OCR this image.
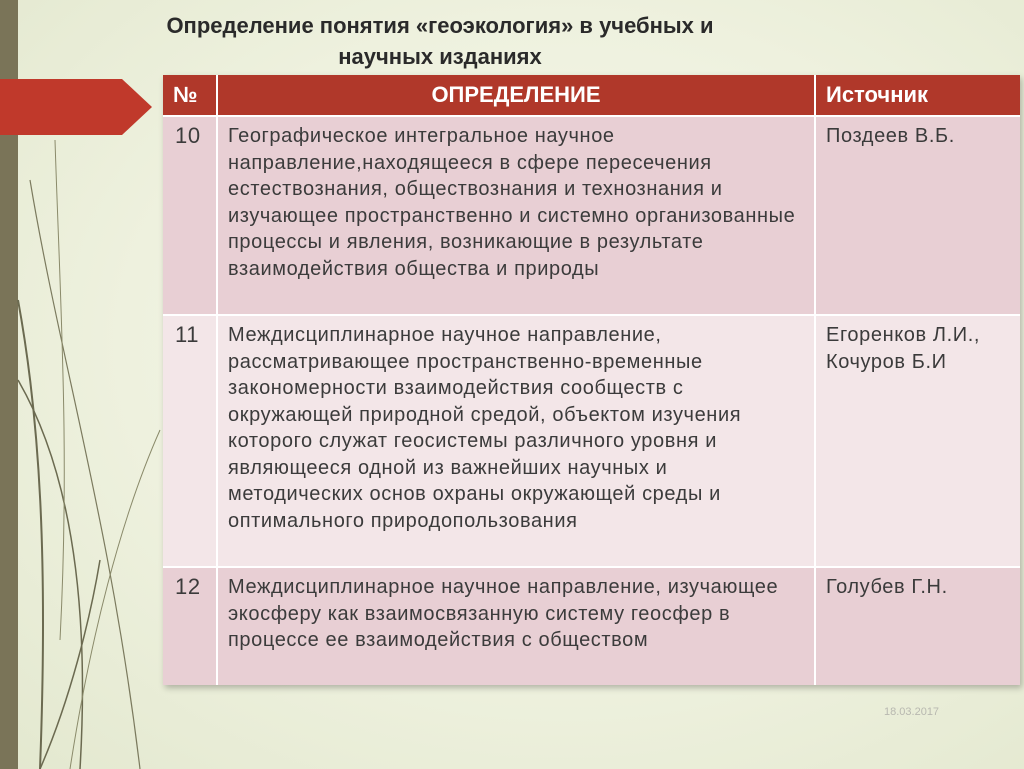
Определение понятия «геоэкология» в учебных и научных изданиях
№	ОПРЕДЕЛЕНИЕ	Источник
10	Географическое интегральное научное направление,находящееся в сфере пересечения естествознания, обществознания и технознания и изучающее пространственно и системно организованные процессы и явления, возникающие в результате взаимодействия общества и природы	Поздеев В.Б.
11	Междисциплинарное научное направление, рассматривающее пространственно-временные закономерности взаимодействия сообществ с окружающей природной средой, объектом изучения которого служат геосистемы различного уровня и являющееся одной из важнейших научных и методических основ охраны окружающей среды и оптимального природопользования	Егоренков Л.И., Кочуров Б.И
12	Междисциплинарное научное направление, изучающее экосферу как взаимосвязанную систему геосфер в процессе ее взаимодействия с обществом	Голубев Г.Н.
18.03.2017
